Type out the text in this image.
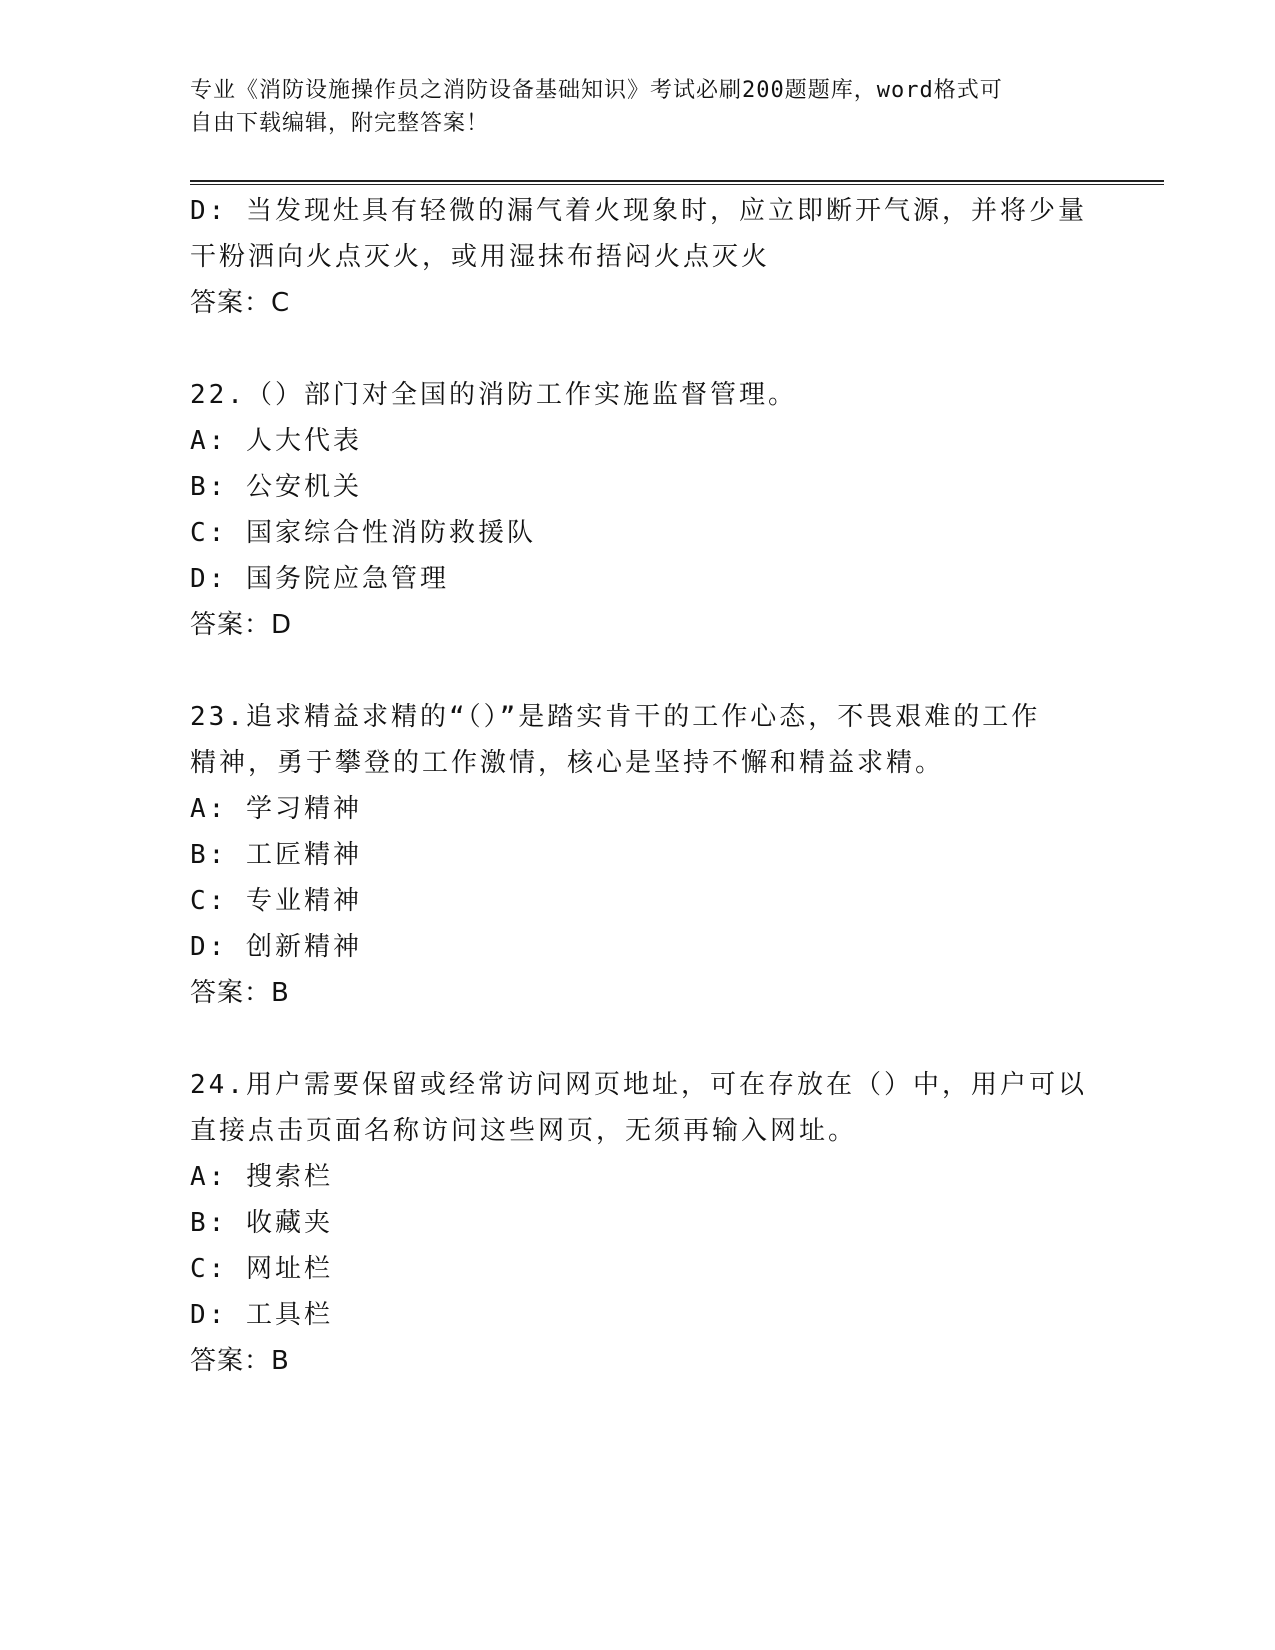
专业《消防设施操作员之消防设备基础知识》考试必刷200题题库，word格式可
自由下载编辑，附完整答案！
D: 当发现灶具有轻微的漏气着火现象时，应立即断开气源，并将少量
干粉洒向火点灭火，或用湿抹布捂闷火点灭火
答案：C
22.（）部门对全国的消防工作实施监督管理。
A: 人大代表
B: 公安机关
C: 国家综合性消防救援队
D: 国务院应急管理
答案：D
23.追求精益求精的“（）”是踏实肯干的工作心态，不畏艰难的工作
精神，勇于攀登的工作激情，核心是坚持不懈和精益求精。
A: 学习精神
B: 工匠精神
C: 专业精神
D: 创新精神
答案：B
24.用户需要保留或经常访问网页地址，可在存放在（）中，用户可以
直接点击页面名称访问这些网页，无须再输入网址。
A: 搜索栏
B: 收藏夹
C: 网址栏
D: 工具栏
答案：B
